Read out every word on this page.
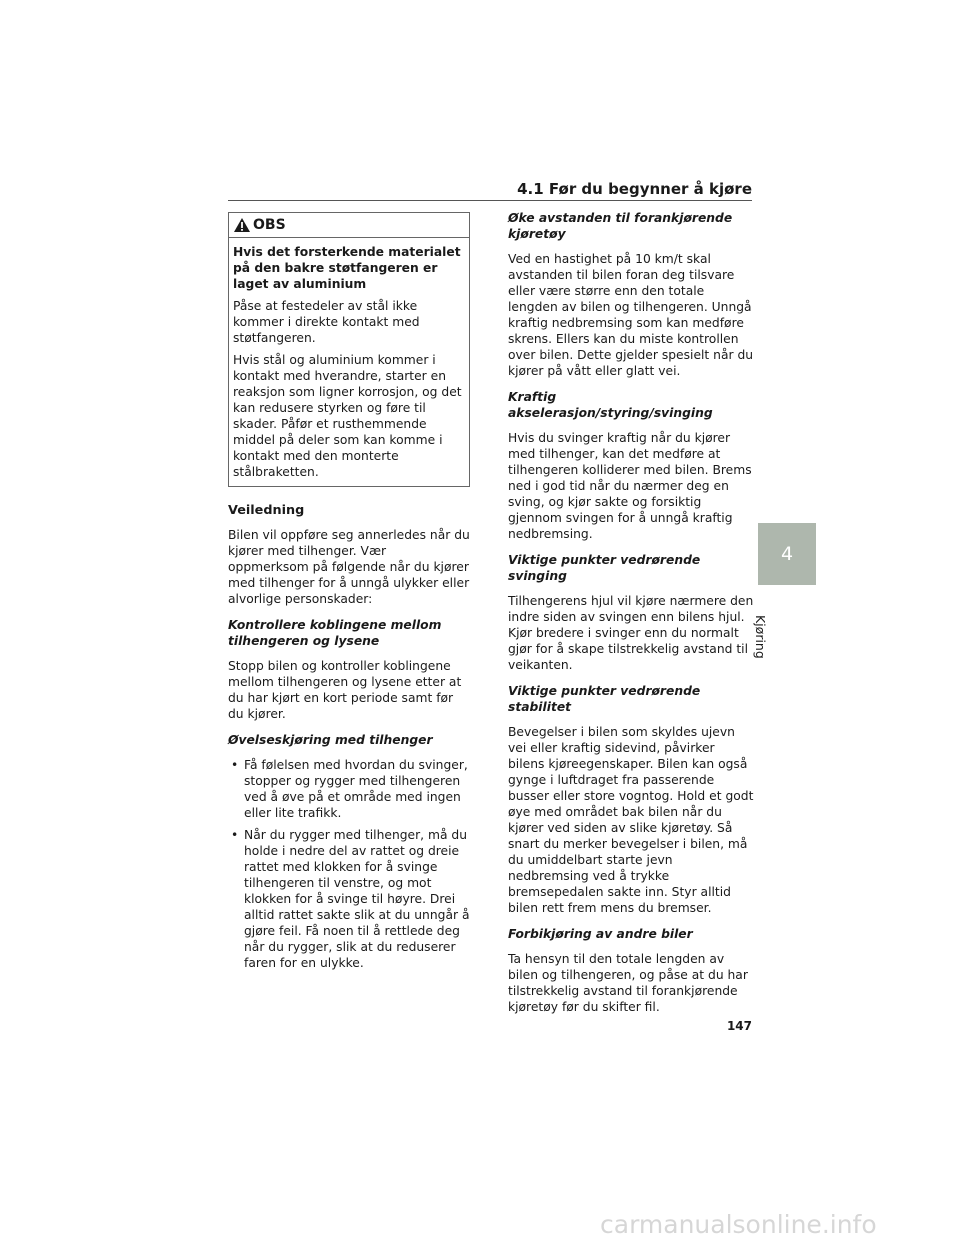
4.1 Før du begynner å kjøre
OBS

Hvis det forsterkende materialet på den bakre støtfangeren er laget av aluminium

Påse at festedeler av stål ikke kommer i direkte kontakt med støtfangeren.

Hvis stål og aluminium kommer i kontakt med hverandre, starter en reaksjon som ligner korrosjon, og det kan redusere styrken og føre til skader. Påfør et rusthemmende middel på deler som kan komme i kontakt med den monterte stålbraketten.

Veiledning

Bilen vil oppføre seg annerledes når du kjører med tilhenger. Vær oppmerksom på følgende når du kjører med tilhenger for å unngå ulykker eller alvorlige personskader:

Kontrollere koblingene mellom tilhengeren og lysene

Stopp bilen og kontroller koblingene mellom tilhengeren og lysene etter at du har kjørt en kort periode samt før du kjører.

Øvelseskjøring med tilhenger

• Få følelsen med hvordan du svinger, stopper og rygger med tilhengeren ved å øve på et område med ingen eller lite trafikk.
• Når du rygger med tilhenger, må du holde i nedre del av rattet og dreie rattet med klokken for å svinge tilhengeren til venstre, og mot klokken for å svinge til høyre. Drei alltid rattet sakte slik at du unngår å gjøre feil. Få noen til å rettlede deg når du rygger, slik at du reduserer faren for en ulykke.

Øke avstanden til forankjørende kjøretøy

Ved en hastighet på 10 km/t skal avstanden til bilen foran deg tilsvare eller være større enn den totale lengden av bilen og tilhengeren. Unngå kraftig nedbremsing som kan medføre skrens. Ellers kan du miste kontrollen over bilen. Dette gjelder spesielt når du kjører på vått eller glatt vei.

Kraftig akselerasjon/styring/svinging

Hvis du svinger kraftig når du kjører med tilhenger, kan det medføre at tilhengeren kolliderer med bilen. Brems ned i god tid når du nærmer deg en sving, og kjør sakte og forsiktig gjennom svingen for å unngå kraftig nedbremsing.

Viktige punkter vedrørende svinging

Tilhengerens hjul vil kjøre nærmere den indre siden av svingen enn bilens hjul. Kjør bredere i svinger enn du normalt gjør for å skape tilstrekkelig avstand til veikanten.

Viktige punkter vedrørende stabilitet

Bevegelser i bilen som skyldes ujevn vei eller kraftig sidevind, påvirker bilens kjøreegenskaper. Bilen kan også gynge i luftdraget fra passerende busser eller store vogntog. Hold et godt øye med området bak bilen når du kjører ved siden av slike kjøretøy. Så snart du merker bevegelser i bilen, må du umiddelbart starte jevn nedbremsing ved å trykke bremsepedalen sakte inn. Styr alltid bilen rett frem mens du bremser.

Forbikjøring av andre biler

Ta hensyn til den totale lengden av bilen og tilhengeren, og påse at du har tilstrekkelig avstand til forankjørende kjøretøy før du skifter fil.

4
Kjøring
147
carmanualsonline.info
